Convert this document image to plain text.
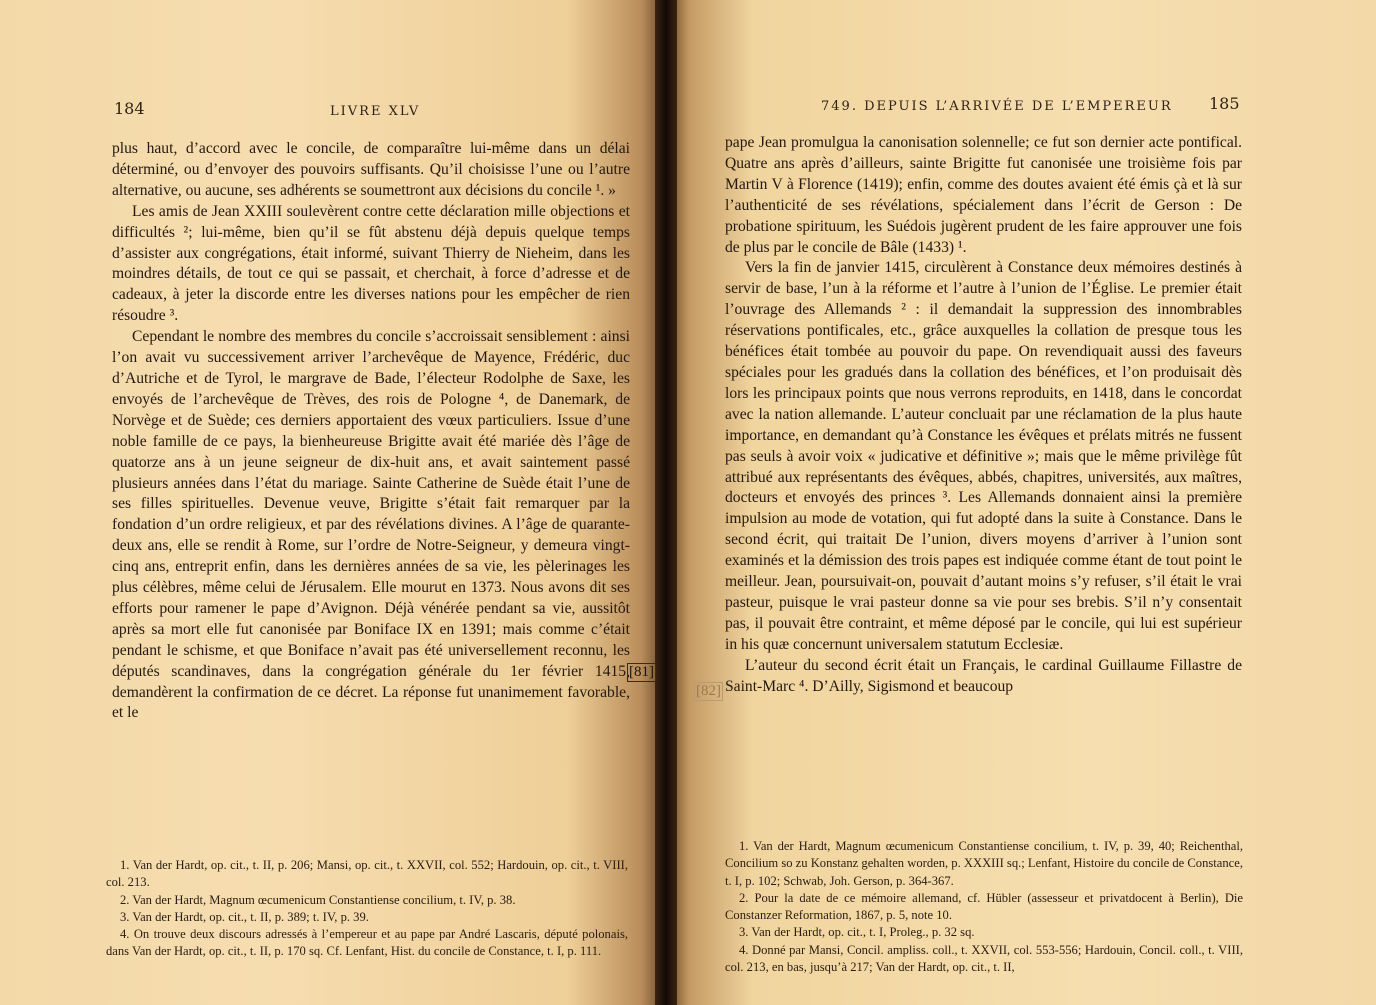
184	LIVRE XLV

plus haut, d’accord avec le concile, de comparaître lui-même dans un délai déterminé, ou d’envoyer des pouvoirs suffisants. Qu’il choisisse l’une ou l’autre alternative, ou aucune, ses adhérents se soumettront aux décisions du concile ¹. »

Les amis de Jean XXIII soulevèrent contre cette déclaration mille objections et difficultés ²; lui-même, bien qu’il se fût abstenu déjà depuis quelque temps d’assister aux congrégations, était informé, suivant Thierry de Nieheim, dans les moindres détails, de tout ce qui se passait, et cherchait, à force d’adresse et de cadeaux, à jeter la discorde entre les diverses nations pour les empêcher de rien résoudre ³.

Cependant le nombre des membres du concile s’accroissait sensiblement : ainsi l’on avait vu successivement arriver l’archevêque de Mayence, Frédéric, duc d’Autriche et de Tyrol, le margrave de Bade, l’électeur Rodolphe de Saxe, les envoyés de l’archevêque de Trèves, des rois de Pologne ⁴, de Danemark, de Norvège et de Suède; ces derniers apportaient des vœux particuliers. Issue d’une noble famille de ce pays, la bienheureuse Brigitte avait été mariée dès l’âge de quatorze ans à un jeune seigneur de dix-huit ans, et avait saintement passé plusieurs années dans l’état du mariage. Sainte Catherine de Suède était l’une de ses filles spirituelles. Devenue veuve, Brigitte s’était fait remarquer par la fondation d’un ordre religieux, et par des révélations divines. A l’âge de quarante-deux ans, elle se rendit à Rome, sur l’ordre de Notre-Seigneur, y demeura vingt-cinq ans, entreprit enfin, dans les dernières années de sa vie, les pèlerinages les plus célèbres, même celui de Jérusalem. Elle mourut en 1373. Nous avons dit ses efforts pour ramener le pape d’Avignon. Déjà vénérée pendant sa vie, aussitôt après sa mort elle fut canonisée par Boniface IX en 1391; mais comme c’était pendant le schisme, et que Boniface n’avait pas été universellement reconnu, les députés scandinaves, dans la congrégation générale du 1er février 1415, demandèrent la confirmation de ce décret. La réponse fut unanimement favorable, et le

1. Van der Hardt, op. cit., t. II, p. 206; Mansi, op. cit., t. XXVII, col. 552; Hardouin, op. cit., t. VIII, col. 213.

2. Van der Hardt, Magnum œcumenicum Constantiense concilium, t. IV, p. 38.

3. Van der Hardt, op. cit., t. II, p. 389; t. IV, p. 39.

4. On trouve deux discours adressés à l’empereur et au pape par André Lascaris, député polonais, dans Van der Hardt, op. cit., t. II, p. 170 sq. Cf. Lenfant, Hist. du concile de Constance, t. I, p. 111.

749. DEPUIS L’ARRIVÉE DE L’EMPEREUR 185

pape Jean promulgua la canonisation solennelle; ce fut son dernier acte pontifical. Quatre ans après d’ailleurs, sainte Brigitte fut canonisée une troisième fois par Martin V à Florence (1419); enfin, comme des doutes avaient été émis çà et là sur l’authenticité de ses révélations, spécialement dans l’écrit de Gerson : De probatione spirituum, les Suédois jugèrent prudent de les faire approuver une fois de plus par le concile de Bâle (1433) ¹.

Vers la fin de janvier 1415, circulèrent à Constance deux mémoires destinés à servir de base, l’un à la réforme et l’autre à l’union de l’Église. Le premier était l’ouvrage des Allemands ² : il demandait la suppression des innombrables réservations pontificales, etc., grâce auxquelles la collation de presque tous les bénéfices était tombée au pouvoir du pape. On revendiquait aussi des faveurs spéciales pour les gradués dans la collation des bénéfices, et l’on produisait dès lors les principaux points que nous verrons reproduits, en 1418, dans le concordat avec la nation allemande. L’auteur concluait par une réclamation de la plus haute importance, en demandant qu’à Constance les évêques et prélats mitrés ne fussent pas seuls à avoir voix « judicative et définitive »; mais que le même privilège fût attribué aux représentants des évêques, abbés, chapitres, universités, aux maîtres, docteurs et envoyés des princes ³. Les Allemands donnaient ainsi la première impulsion au mode de votation, qui fut adopté dans la suite à Constance. Dans le second écrit, qui traitait De l’union, divers moyens d’arriver à l’union sont examinés et la démission des trois papes est indiquée comme étant de tout point le meilleur. Jean, poursuivait-on, pouvait d’autant moins s’y refuser, s’il était le vrai pasteur, puisque le vrai pasteur donne sa vie pour ses brebis. S’il n’y consentait pas, il pouvait être contraint, et même déposé par le concile, qui lui est supérieur in his quæ concernunt universalem statutum Ecclesiæ.

L’auteur du second écrit était un Français, le cardinal Guillaume Fillastre de Saint-Marc ⁴. D’Ailly, Sigismond et beaucoup

1. Van der Hardt, Magnum œcumenicum Constantiense concilium, t. IV, p. 39, 40; Reichenthal, Concilium so zu Konstanz gehalten worden, p. XXXIII sq.; Lenfant, Histoire du concile de Constance, t. I, p. 102; Schwab, Joh. Gerson, p. 364-367.

2. Pour la date de ce mémoire allemand, cf. Hübler (assesseur et privatdocent à Berlin), Die Constanzer Reformation, 1867, p. 5, note 10.

3. Van der Hardt, op. cit., t. I, Proleg., p. 32 sq.

4. Donné par Mansi, Concil. ampliss. coll., t. XXVII, col. 553-556; Hardouin, Concil. coll., t. VIII, col. 213, en bas, jusqu’à 217; Van der Hardt, op. cit., t. II,

[81]
[82]
